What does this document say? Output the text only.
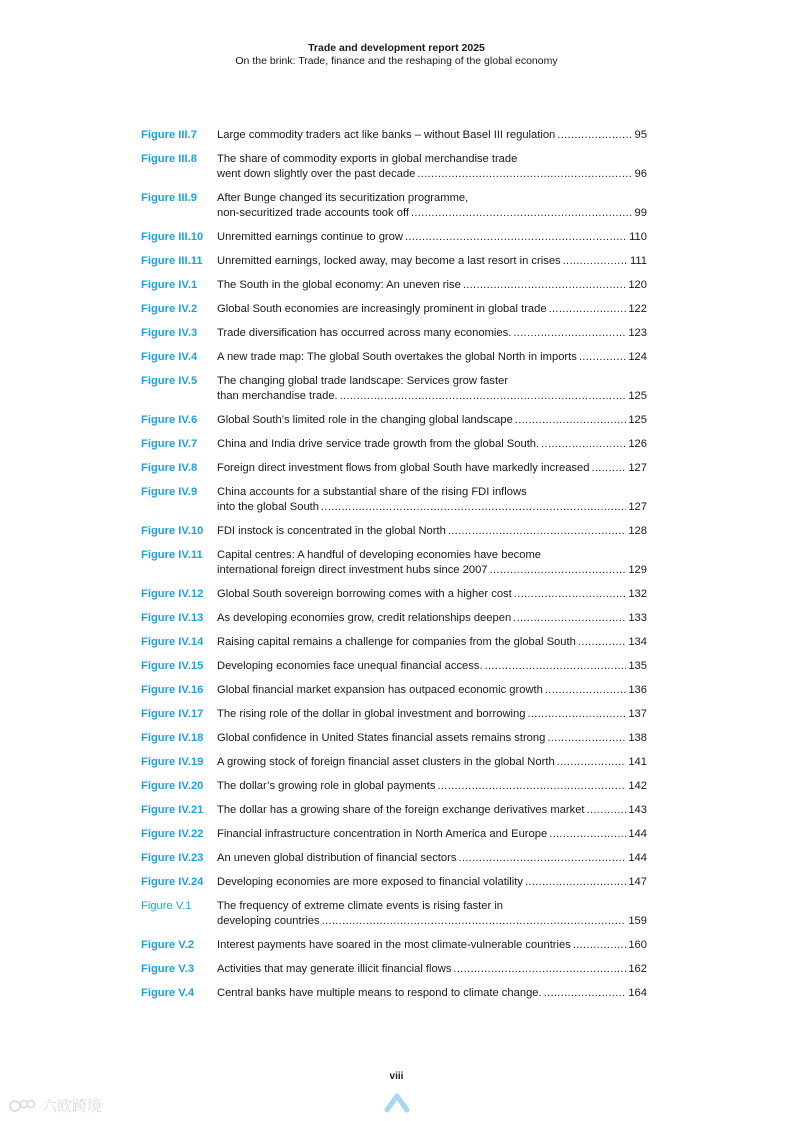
Trade and development report 2025
On the brink: Trade, finance and the reshaping of the global economy
Figure III.7	Large commodity traders act like banks – without Basel III regulation .....	95
Figure III.8	The share of commodity exports in global merchandise trade
went down slightly over the past decade .....	96
Figure III.9	After Bunge changed its securitization programme,
non-securitized trade accounts took off .....	99
Figure III.10	Unremitted earnings continue to grow .....	110
Figure III.11	Unremitted earnings, locked away, may become a last resort in crises .....	111
Figure IV.1	The South in the global economy: An uneven rise .....	120
Figure IV.2	Global South economies are increasingly prominent in global trade .....	122
Figure IV.3	Trade diversification has occurred across many economies. .....	123
Figure IV.4	A new trade map: The global South overtakes the global North in imports .....	124
Figure IV.5	The changing global trade landscape: Services grow faster
than merchandise trade. .....	125
Figure IV.6	Global South’s limited role in the changing global landscape .....	125
Figure IV.7	China and India drive service trade growth from the global South. .....	126
Figure IV.8	Foreign direct investment flows from global South have markedly increased .....	127
Figure IV.9	China accounts for a substantial share of the rising FDI inflows
into the global South .....	127
Figure IV.10	FDI instock is concentrated in the global North .....	128
Figure IV.11	Capital centres: A handful of developing economies have become
international foreign direct investment hubs since 2007 .....	129
Figure IV.12	Global South sovereign borrowing comes with a higher cost .....	132
Figure IV.13	As developing economies grow, credit relationships deepen .....	133
Figure IV.14	Raising capital remains a challenge for companies from the global South .....	134
Figure IV.15	Developing economies face unequal financial access. .....	135
Figure IV.16	Global financial market expansion has outpaced economic growth .....	136
Figure IV.17	The rising role of the dollar in global investment and borrowing .....	137
Figure IV.18	Global confidence in United States financial assets remains strong .....	138
Figure IV.19	A growing stock of foreign financial asset clusters in the global North .....	141
Figure IV.20	The dollar’s growing role in global payments .....	142
Figure IV.21	The dollar has a growing share of the foreign exchange derivatives market .....	143
Figure IV.22	Financial infrastructure concentration in North America and Europe .....	144
Figure IV.23	An uneven global distribution of financial sectors .....	144
Figure IV.24	Developing economies are more exposed to financial volatility .....	147
Figure V.1	The frequency of extreme climate events is rising faster in
developing countries .....	159
Figure V.2	Interest payments have soared in the most climate-vulnerable countries .....	160
Figure V.3	Activities that may generate illicit financial flows .....	162
Figure V.4	Central banks have multiple means to respond to climate change. .....	164
viii
六欧跨境
